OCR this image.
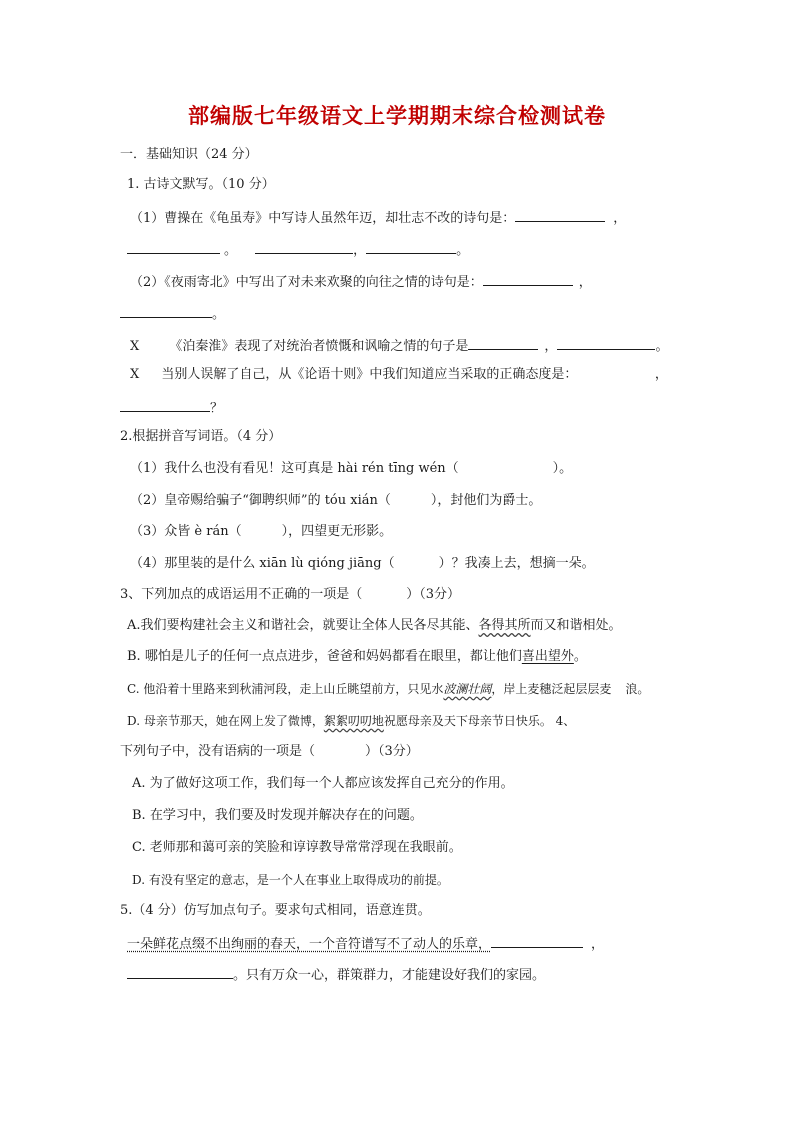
部编版七年级语文上学期期末综合检测试卷
一．基础知识（24 分）
1. 古诗文默写。（10 分）
（1）曹操在《龟虽寿》中写诗人虽然年迈，却壮志不改的诗句是：	，
。	，	。
（2）《夜雨寄北》中写出了对未来欢聚的向往之情的诗句是：	，
。
X 《泊秦淮》表现了对统治者愤慨和讽喻之情的句子是	，	。
X 当别人误解了自己，从《论语十则》中我们知道应当采取的正确态度是：	，
？
2.根据拼音写词语。（4 分）
（1）我什么也没有看见！这可真是 hài rén tīng wén（	）。
（2）皇帝赐给骗子“御聘织师”的 tóu xián（	），封他们为爵士。
（3）众皆 è rán（	），四望更无形影。
（4）那里装的是什么 xiān lù qióng jiāng（	）？我凑上去，想摘一朵。
3、下列加点的成语运用不正确的一项是（	）（3分）
A.我们要构建社会主义和谐社会，就要让全体人民各尽其能、各得其所而又和谐相处。
B. 哪怕是儿子的任何一点点进步，爸爸和妈妈都看在眼里，都让他们喜出望外。
C. 他沿着十里路来到秋浦河段，走上山丘眺望前方，只见水波澜壮阔，岸上麦穗泛起层层麦 浪。
D. 母亲节那天，她在网上发了微博，絮絮叨叨地祝愿母亲及天下母亲节日快乐。 4、
下列句子中，没有语病的一项是（	）（3分）
A. 为了做好这项工作，我们每一个人都应该发挥自己充分的作用。
B. 在学习中，我们要及时发现并解决存在的问题。
C. 老师那和蔼可亲的笑脸和谆谆教导常常浮现在我眼前。
D. 有没有坚定的意志，是一个人在事业上取得成功的前提。
5.（4 分）仿写加点句子。要求句式相同，语意连贯。
一朵鲜花点缀不出绚丽的春天，一个音符谱写不了动人的乐章，	，
。只有万众一心，群策群力，才能建设好我们的家园。
